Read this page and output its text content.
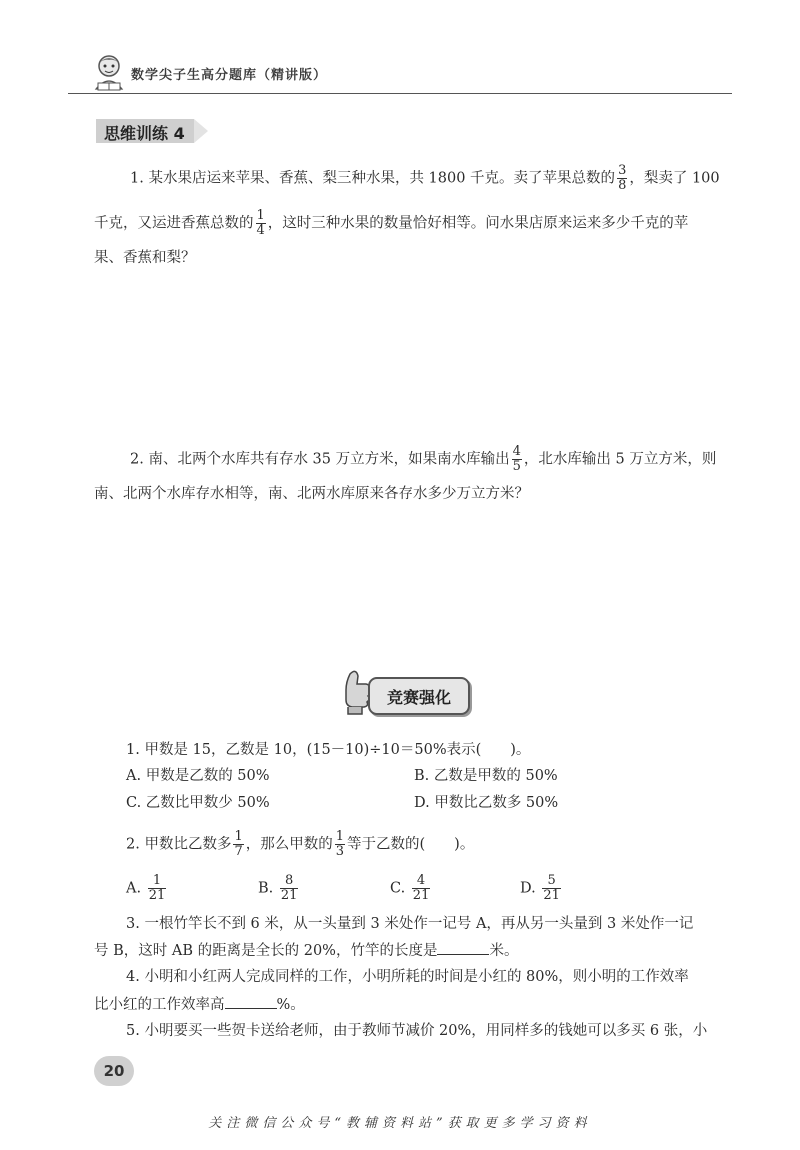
数学尖子生高分题库（精讲版）
思维训练 4
1. 某水果店运来苹果、香蕉、梨三种水果，共 1800 千克。卖了苹果总数的 $\frac{3}{8}$ ，梨卖了 100
千克，又运进香蕉总数的 $\frac{1}{4}$ ，这时三种水果的数量恰好相等。问水果店原来运来多少千克的苹
果、香蕉和梨？
2. 南、北两个水库共有存水 35 万立方米，如果南水库输出 $\frac{4}{5}$ ，北水库输出 5 万立方米，则
南、北两个水库存水相等，南、北两水库原来各存水多少万立方米？
竞赛强化
1. 甲数是 15，乙数是 10，(15－10)÷10＝50%表示(　　)。
A. 甲数是乙数的 50%	B. 乙数是甲数的 50%
C. 乙数比甲数少 50%	D. 甲数比乙数多 50%
2. 甲数比乙数多 $\frac{1}{7}$ ，那么甲数的 $\frac{1}{3}$ 等于乙数的(　　)。
A. $\frac{1}{21}$	B. $\frac{8}{21}$	C. $\frac{4}{21}$	D. $\frac{5}{21}$
3. 一根竹竿长不到 6 米，从一头量到 3 米处作一记号 A，再从另一头量到 3 米处作一记
号 B，这时 AB 的距离是全长的 20%，竹竿的长度是	米。
4. 小明和小红两人完成同样的工作，小明所耗的时间是小红的 80%，则小明的工作效率
比小红的工作效率高	%。
5. 小明要买一些贺卡送给老师，由于教师节减价 20%，用同样多的钱她可以多买 6 张，小
20
关注微信公众号“教辅资料站”获取更多学习资料
